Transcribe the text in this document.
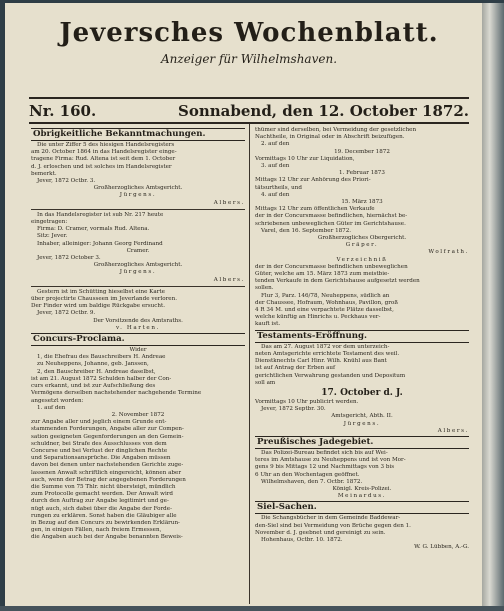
Jeversches Wochenblatt.
Anzeiger für Wilhelmshaven.
Nr. 160.	Sonnabend, den 12. October 1872.
Obrigkeitliche Bekanntmachungen.

Die unter Ziffer 5 des hiesigen Handelsregisters

am 20. October 1864 in das Handelsregister einge-

tragene Firma: Rud. Altena ist seit dem 1. October

d. J. erloschen und ist solches im Handelsregister

bemerkt.

Jever, 1872 Octbr. 3.

Großherzogliches Amtsgericht.

Jürgens.

Albers.

In das Handelsregister ist sub Nr. 217 heute

eingetragen:

Firma: D. Cramer, vormals Rud. Altena.

Sitz: Jever.

Inhaber, alleiniger: Johann Georg Ferdinand

Cramer.

Jever, 1872 October 3.

Großherzogliches Amtsgericht.

Jürgens.

Albers.

Gestern ist im Schütting hieselbst eine Karte

über projectirte Chausseen im Jeverlande verloren.

Der Finder wird um baldige Rückgabe ersucht.

Jever, 1872 Octbr. 9.

Der Vorsitzende des Amtsraths.

v. Harten.

Concurs-Proclama.

Wider

1, die Ehefrau des Bauschreibers H. Andreae

zu Neuheppens, Johanne, geb. Janssen,

2, den Bauschreiber H. Andreae daselbst,

ist am 21. August 1872 Schulden halber der Con-

curs erkannt, und ist zur Aufschließung des

Vermögens derselben nachstehender nachgehende Termine

angesetzt worden:

1. auf den

2. November 1872

zur Angabe aller und jeglich einem Grunde ent-

stammenden Forderungen, Angabe aller zur Compen-

sation geeigneten Gegenforderungen an den Gemein-

schuldner, bei Strafe des Ausschlusses von dem

Concurse und bei Verlust der dinglichen Rechte

und Separationsansprüche. Die Angaben müssen

davon bei denen unter nachstehenden Gerichte zuge-

lassenen Anwalt schriftlich eingereicht, können aber

auch, wenn der Betrag der angegebenen Forderungen

die Summe von 75 Thlr. nicht übersteigt, mündlich

zum Protocolle gemacht werden. Der Anwalt wird

durch den Auftrag zur Angabe legitimirt und ge-

nügt auch, sich dabei über die Angabe der Forde-

rungen zu erklären. Sonst haben die Gläubiger alle

in Bezug auf den Concurs zu bewirkenden Erklärun-

gen, in einigen Fällen, nach freiem Ermessen,

die Angaben auch bei der Angabe benannten Beweis-

thümer sind derselben, bei Vermeidung der gesetzlichen

Nachtheile, in Original oder in Abschrift beizufügen.

2. auf den

19. December 1872

Vormittags 10 Uhr zur Liquidation,

3. auf den

1. Februar 1873

Mittags 12 Uhr zur Anhörung des Priori-

tätsurtheils, und

4. auf den

15. März 1873

Mittags 12 Uhr zum öffentlichen Verkaufe

der in der Concursmasse befindlichen, hiernächst be-

schriebenen unbeweglichen Güter im Gerichtshause.

Varel, den 16. September 1872.

Großherzogliches Obergericht.

Gräper.

Wolfrath.

Verzeichniß

der in der Concursmasse befindlichen unbeweglichen

Güter, welche am 15. März 1873 zum meistbie-

tenden Verkaufe in dem Gerichtshause aufgesetzt werden

sollen.

Flur 3, Parz. 146/78, Neuheppens, südlich an

der Chaussee, Hofraum, Wohnhaus, Pavillon, groß

4 R 34 M. und eine verpachtete Plätze dasselbst,

welche künftig an Hinrichs u. Peckhaus ver-

kauft ist.

Testaments-Eröffnung.

Das am 27. August 1872 vor dem unterzeich-

neten Amtsgerichte errichtete Testament des weil.

Dienstknechts Carl Hinr. Wilh. Knühl aus Bant

ist auf Antrag der Erben auf

gerichtlichen Verwahrung gestanden und Depositum

soll am

17. October d. J.

Vormittags 10 Uhr publicirt werden.

Jever, 1872 Septbr. 30.

Amtsgericht, Abth. II.

Jürgens.

Albers.

Preußisches Jadegebiet.

Das Polizei-Bureau befindet sich bis auf Wei-

teres im Amtshause zu Neuheppens und ist von Mor-

gens 9 bis Mittags 12 und Nachmittags von 3 bis

6 Uhr an den Wochentagen geöffnet.

Wilhelmshaven, den 7. Octbr. 1872.

Königl. Kreis-Polizei.

Meinardus.

Siel-Sachen.

Die Schangsbücher in dem Gemeinde Baddewar-

den-Siel sind bei Vermeidung von Brüche gegen den 1.

November d. J. geebnet und gereinigt zu sein.

Hohenhaus, Octbr. 10. 1872.

W. G. Lübben, A.-G.
